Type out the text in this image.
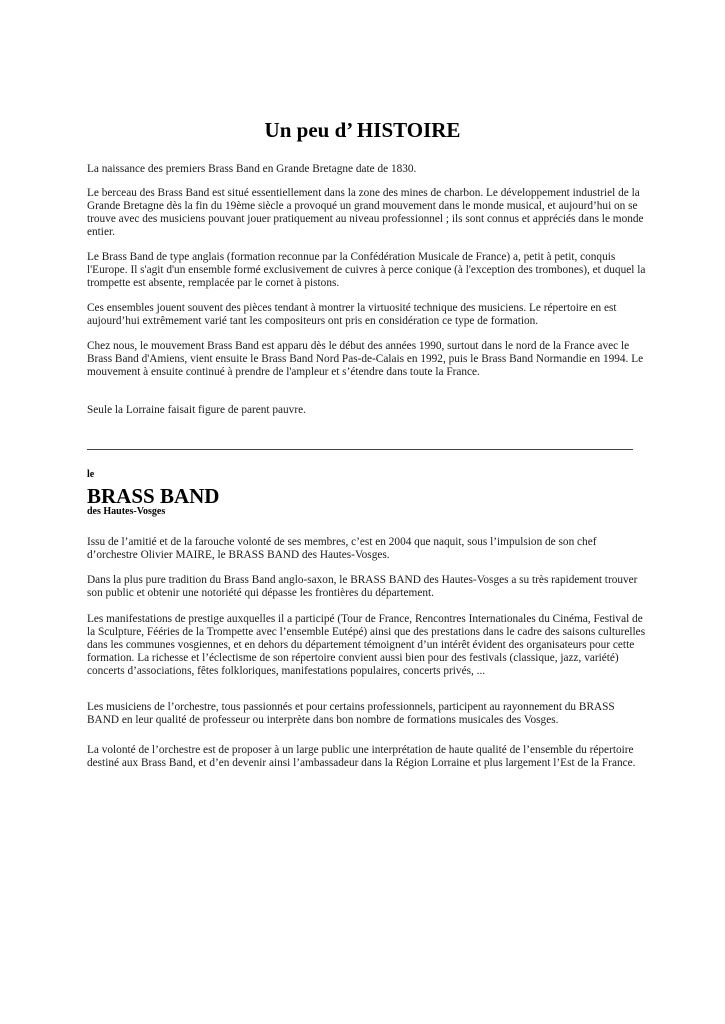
Un peu d’ HISTOIRE

La naissance des premiers Brass Band en Grande Bretagne date de 1830.

Le berceau des Brass Band est situé essentiellement dans la zone des mines de charbon. Le développement industriel de la Grande Bretagne dès la fin du 19ème siècle a provoqué un grand mouvement dans le monde musical, et aujourd’hui on se trouve avec des musiciens pouvant jouer pratiquement au niveau professionnel ; ils sont connus et appréciés dans le monde entier.

Le Brass Band de type anglais (formation reconnue par la Confédération Musicale de France) a, petit à petit, conquis l'Europe. Il s'agit d'un ensemble formé exclusivement de cuivres à perce conique (à l'exception des trombones), et duquel la trompette est absente, remplacée par le cornet à pistons.

Ces ensembles jouent souvent des pièces tendant à montrer la virtuosité technique des musiciens. Le répertoire en est aujourd’hui extrêmement varié tant les compositeurs ont pris en considération ce type de formation.

Chez nous, le mouvement Brass Band est apparu dès le début des années 1990, surtout dans le nord de la France avec le Brass Band d'Amiens, vient ensuite le Brass Band Nord Pas-de-Calais en 1992, puis le Brass Band Normandie en 1994. Le mouvement à ensuite continué à prendre de l'ampleur et s’étendre dans toute la France.

Seule la Lorraine faisait figure de parent pauvre.

le

BRASS BAND

des Hautes-Vosges

Issu de l’amitié et de la farouche volonté de ses membres, c’est en 2004 que naquit, sous l’impulsion de son chef d’orchestre Olivier MAIRE, le BRASS BAND des Hautes-Vosges.

Dans la plus pure tradition du Brass Band anglo-saxon, le BRASS BAND des Hautes-Vosges a su très rapidement trouver son public et obtenir une notoriété qui dépasse les frontières du département.

Les manifestations de prestige auxquelles il a participé (Tour de France, Rencontres Internationales du Cinéma, Festival de la Sculpture, Fééries de la Trompette avec l’ensemble Eutépé) ainsi que des prestations dans le cadre des saisons culturelles dans les communes vosgiennes, et en dehors du département témoignent d’un intérêt évident des organisateurs pour cette formation. La richesse et l’éclectisme de son répertoire convient aussi bien pour des festivals (classique, jazz, variété) concerts d’associations, fêtes folkloriques, manifestations populaires, concerts privés, ...

Les musiciens de l’orchestre, tous passionnés et pour certains professionnels, participent au rayonnement du BRASS BAND en leur qualité de professeur ou interprète dans bon nombre de formations musicales des Vosges.

La volonté de l’orchestre est de proposer à un large public une interprétation de haute qualité de l’ensemble du répertoire destiné aux Brass Band, et d’en devenir ainsi l’ambassadeur dans la Région Lorraine et plus largement l’Est de la France.
